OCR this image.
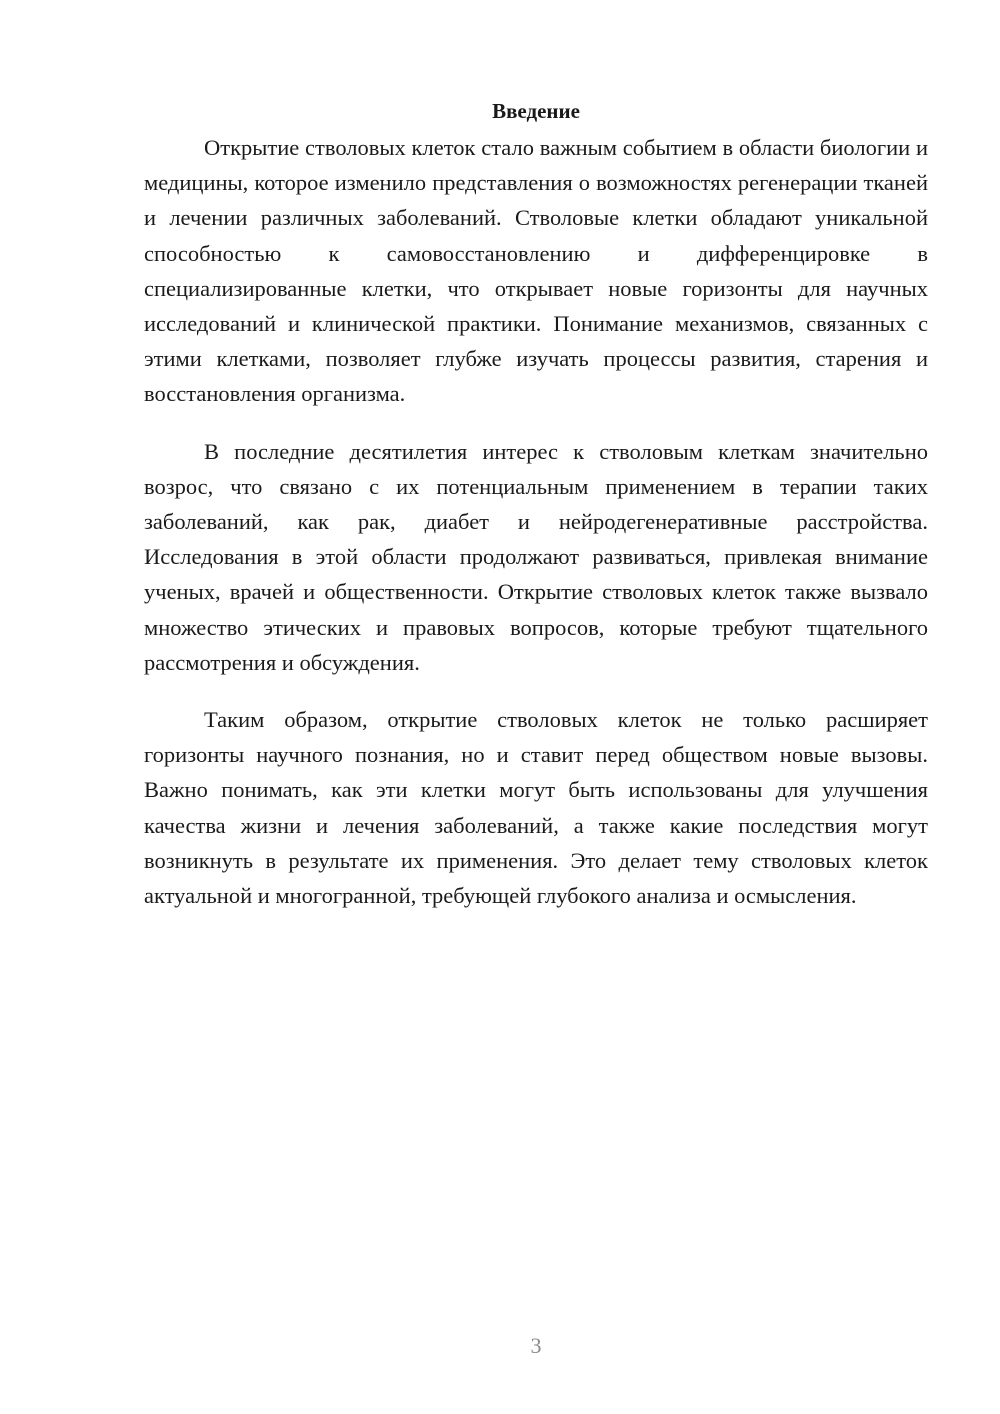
Введение

Открытие стволовых клеток стало важным событием в области биологии и медицины, которое изменило представления о возможностях регенерации тканей и лечении различных заболеваний. Стволовые клетки обладают уникальной способностью к самовосстановлению и дифференцировке в специализированные клетки, что открывает новые горизонты для научных исследований и клинической практики. Понимание механизмов, связанных с этими клетками, позволяет глубже изучать процессы развития, старения и восстановления организма.

В последние десятилетия интерес к стволовым клеткам значительно возрос, что связано с их потенциальным применением в терапии таких заболеваний, как рак, диабет и нейродегенеративные расстройства. Исследования в этой области продолжают развиваться, привлекая внимание ученых, врачей и общественности. Открытие стволовых клеток также вызвало множество этических и правовых вопросов, которые требуют тщательного рассмотрения и обсуждения.

Таким образом, открытие стволовых клеток не только расширяет горизонты научного познания, но и ставит перед обществом новые вызовы. Важно понимать, как эти клетки могут быть использованы для улучшения качества жизни и лечения заболеваний, а также какие последствия могут возникнуть в результате их применения. Это делает тему стволовых клеток актуальной и многогранной, требующей глубокого анализа и осмысления.

3
